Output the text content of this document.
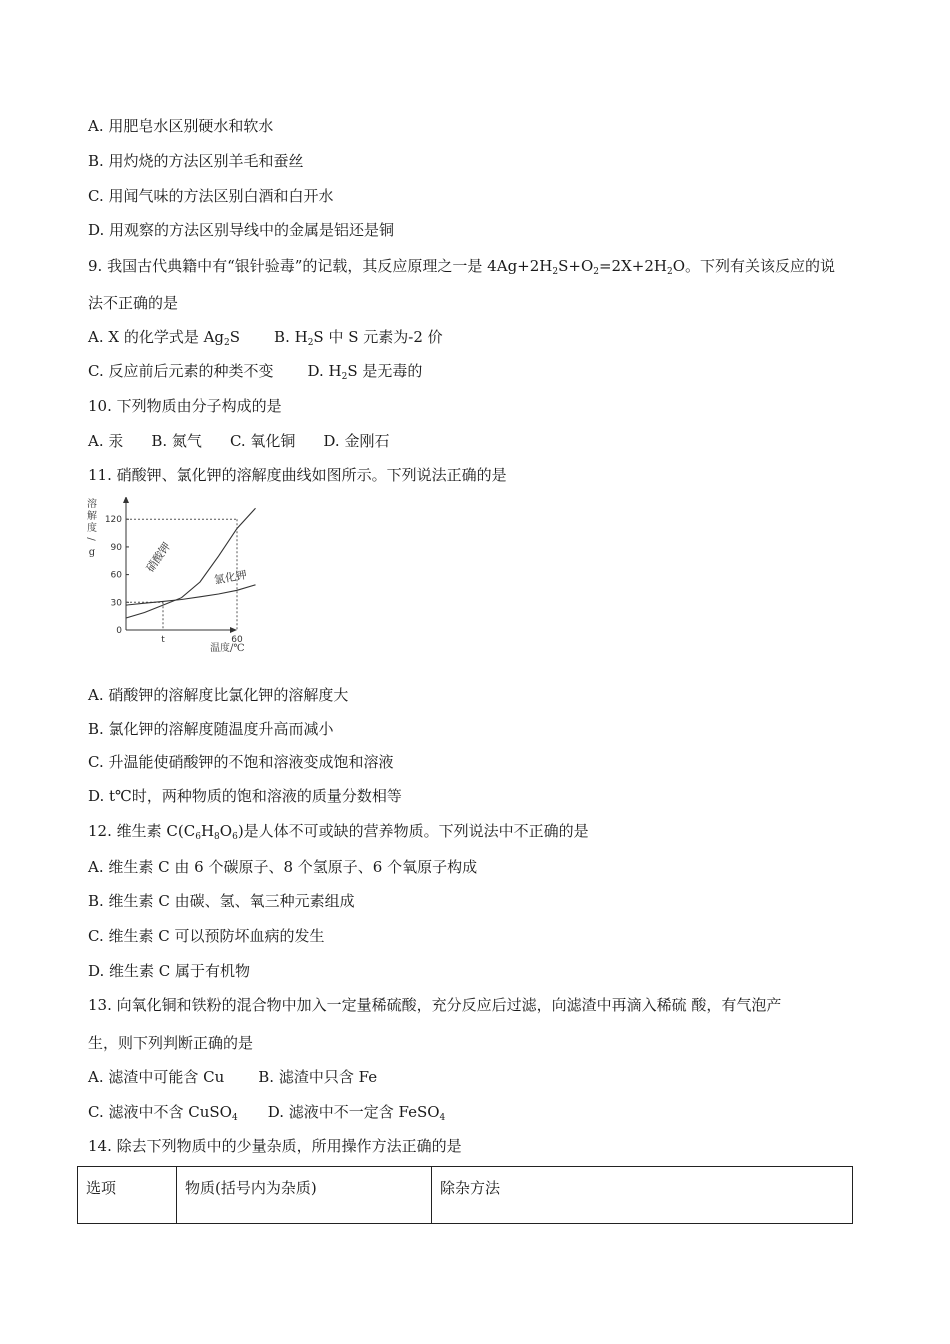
A. 用肥皂水区别硬水和软水
B. 用灼烧的方法区别羊毛和蚕丝
C. 用闻气味的方法区别白酒和白开水
D. 用观察的方法区别导线中的金属是铝还是铜
9. 我国古代典籍中有“银针验毒”的记载，其反应原理之一是 $4Ag+2H_2S+O_2=2X+2H_2O$。下列有关该反应的说
法不正确的是
A. X 的化学式是 $Ag_2S$ B. $H_2S$ 中 S 元素为-2 价
C. 反应前后元素的种类不变 D. $H_2S$ 是无毒的
10. 下列物质由分子构成的是
A. 汞 B. 氮气 C. 氧化铜 D. 金刚石
11. 硝酸钾、氯化钾的溶解度曲线如图所示。下列说法正确的是
0
30
60
90
120
溶
解
度
/
g
温度/℃
t	60
硝酸钾
氯化钾
A. 硝酸钾的溶解度比氯化钾的溶解度大
B. 氯化钾的溶解度随温度升高而减小
C. 升温能使硝酸钾的不饱和溶液变成饱和溶液
D. t℃时，两种物质的饱和溶液的质量分数相等
12. 维生素 $C(C_6H_8O_6)$是人体不可或缺的营养物质。下列说法中不正确的是
A. 维生素 C 由 6 个碳原子、8 个氢原子、6 个氧原子构成
B. 维生素 C 由碳、氢、氧三种元素组成
C. 维生素 C 可以预防坏血病的发生
D. 维生素 C 属于有机物
13. 向氧化铜和铁粉的混合物中加入一定量稀硫酸，充分反应后过滤，向滤渣中再滴入稀硫 酸，有气泡产
生，则下列判断正确的是
A. 滤渣中可能含 Cu B. 滤渣中只含 Fe
C. 滤液中不含 CuSO$_4$ D. 滤液中不一定含 FeSO$_4$
14. 除去下列物质中的少量杂质，所用操作方法正确的是
选项	物质(括号内为杂质)	除杂方法
